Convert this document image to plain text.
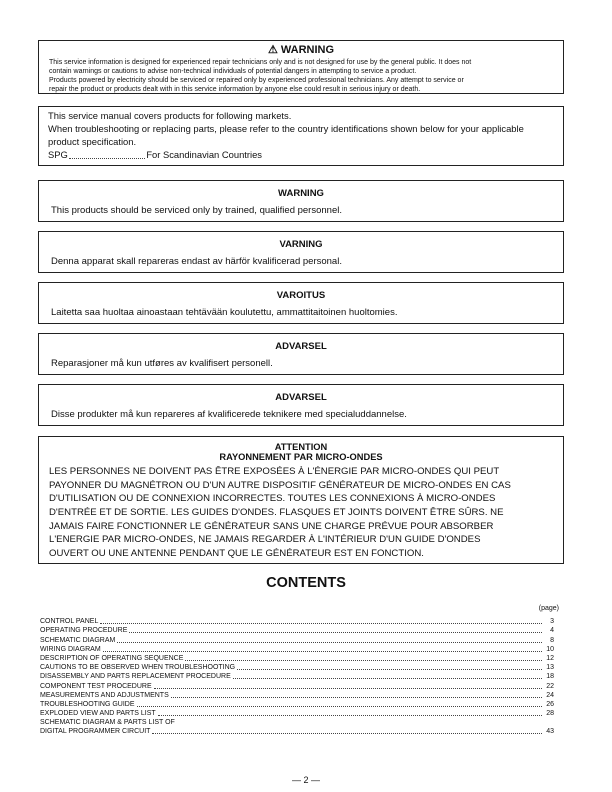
⚠ WARNING
This service information is designed for experienced repair technicians only and is not designed for use by the general public. It does not
contain warnings or cautions to advise non-technical individuals of potential dangers in attempting to service a product.
Products powered by electricity should be serviced or repaired only by experienced professional technicians. Any attempt to service or
repair the product or products dealt with in this service information by anyone else could result in serious injury or death.
This service manual covers products for following markets.
When troubleshooting or replacing parts, please refer to the country identifications shown below for your applicable
product specification.
SPG	For Scandinavian Countries
WARNING
This products should be serviced only by trained, qualified personnel.
VARNING
Denna apparat skall repareras endast av härför kvalificerad personal.
VAROITUS
Laitetta saa huoltaa ainoastaan tehtävään koulutettu, ammattitaitoinen huoltomies.
ADVARSEL
Reparasjoner må kun utføres av kvalifisert personell.
ADVARSEL
Disse produkter må kun repareres af kvalificerede teknikere med specialuddannelse.
ATTENTION
RAYONNEMENT PAR MICRO-ONDES
LES PERSONNES NE DOIVENT PAS ÊTRE EXPOSÉES À L'ÉNERGIE PAR MICRO-ONDES QUI PEUT
PAYONNER DU MAGNÉTRON OU D'UN AUTRE DISPOSITIF GÉNÉRATEUR DE MICRO-ONDES EN CAS
D'UTILISATION OU DE CONNEXION INCORRECTES. TOUTES LES CONNEXIONS À MICRO-ONDES
D'ENTRÉE ET DE SORTIE. LES GUIDES D'ONDES. FLASQUES ET JOINTS DOIVENT ÊTRE SÛRS. NE
JAMAIS FAIRE FONCTIONNER LE GÉNÉRATEUR SANS UNE CHARGE PRÉVUE POUR ABSORBER
L'ENERGIE PAR MICRO-ONDES, NE JAMAIS REGARDER À L'INTÉRIEUR D'UN GUIDE D'ONDES
OUVERT OU UNE ANTENNE PENDANT QUE LE GÉNÉRATEUR EST EN FONCTION.
CONTENTS
(page)
CONTROL PANEL	3
OPERATING PROCEDURE	4
SCHEMATIC DIAGRAM	8
WIRING DIAGRAM	10
DESCRIPTION OF OPERATING SEQUENCE	12
CAUTIONS TO BE OBSERVED WHEN TROUBLESHOOTING	13
DISASSEMBLY AND PARTS REPLACEMENT PROCEDURE	18
COMPONENT TEST PROCEDURE	22
MEASUREMENTS AND ADJUSTMENTS	24
TROUBLESHOOTING GUIDE	26
EXPLODED VIEW AND PARTS LIST	28
SCHEMATIC DIAGRAM & PARTS LIST OF
DIGITAL PROGRAMMER CIRCUIT	43
— 2 —
